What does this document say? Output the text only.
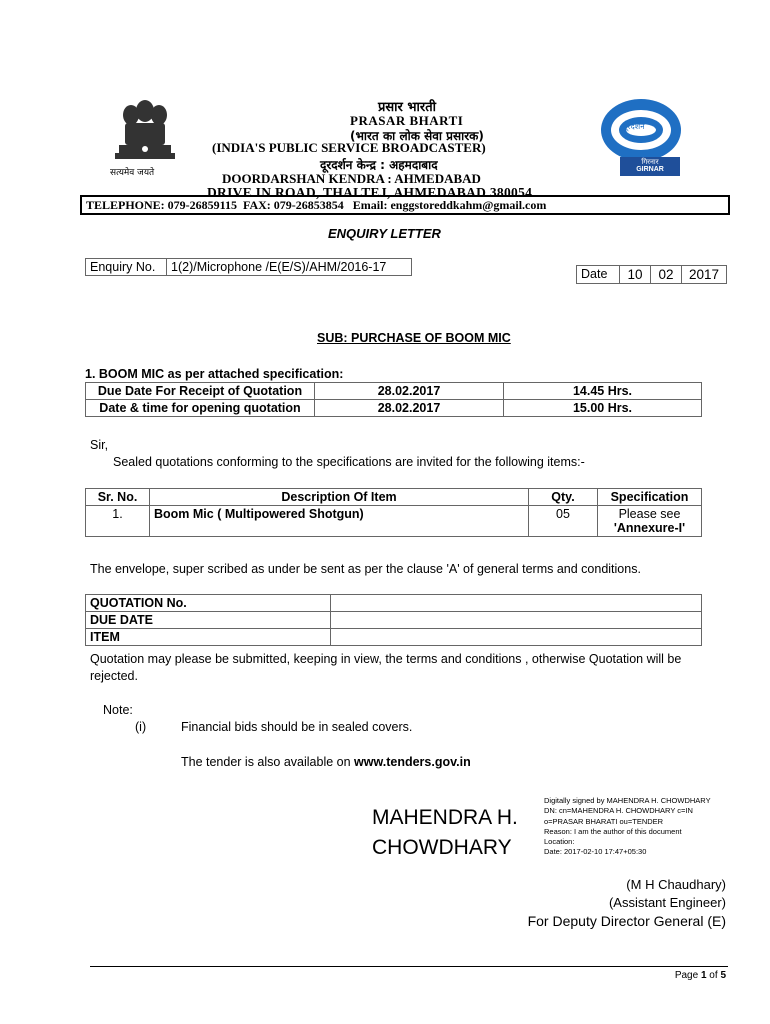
सत्यमेव जयते
प्रसार भारती
PRASAR BHARTI
(भारत का लोक सेवा प्रसारक)
(INDIA'S PUBLIC SERVICE BROADCASTER)
दूरदर्शन केन्द्र : अहमदाबाद
DOORDARSHAN KENDRA : AHMEDABAD
DRIVE IN ROAD, THALTEJ, AHMEDABAD 380054
दूरदर्शन
गिरनार
GIRNAR
TELEPHONE: 079-26859115  FAX: 079-26853854   Email: enggstoreddkahm@gmail.com
ENQUIRY LETTER
Enquiry No.	1(2)/Microphone /E(E/S)/AHM/2016-17	Date	10	02	2017
SUB: PURCHASE OF BOOM MIC
1. BOOM MIC as per attached specification:
Due Date For Receipt of Quotation	28.02.2017	14.45 Hrs.
Date & time for opening quotation	28.02.2017	15.00 Hrs.
Sir,
Sealed quotations conforming to the specifications are invited for the following items:-
Sr. No.	Description Of Item	Qty.	Specification
1.	Boom Mic ( Multipowered Shotgun)	05	Please see
'Annexure-I'
The envelope, super scribed as under be sent as per the clause 'A' of general terms and conditions.
QUOTATION No.	
DUE DATE	
ITEM	
Quotation may please be submitted, keeping in view, the terms and conditions , otherwise Quotation will be rejected.
Note:
(i)	Financial bids should be in sealed covers.
The tender is also available on www.tenders.gov.in
MAHENDRA H.
CHOWDHARY
Digitally signed by MAHENDRA H. CHOWDHARY
DN: cn=MAHENDRA H. CHOWDHARY c=IN
o=PRASAR BHARATI ou=TENDER
Reason: I am the author of this document
Location:
Date: 2017-02-10 17:47+05:30
(M H Chaudhary)
(Assistant Engineer)
For Deputy Director General (E)
Page 1 of 5
